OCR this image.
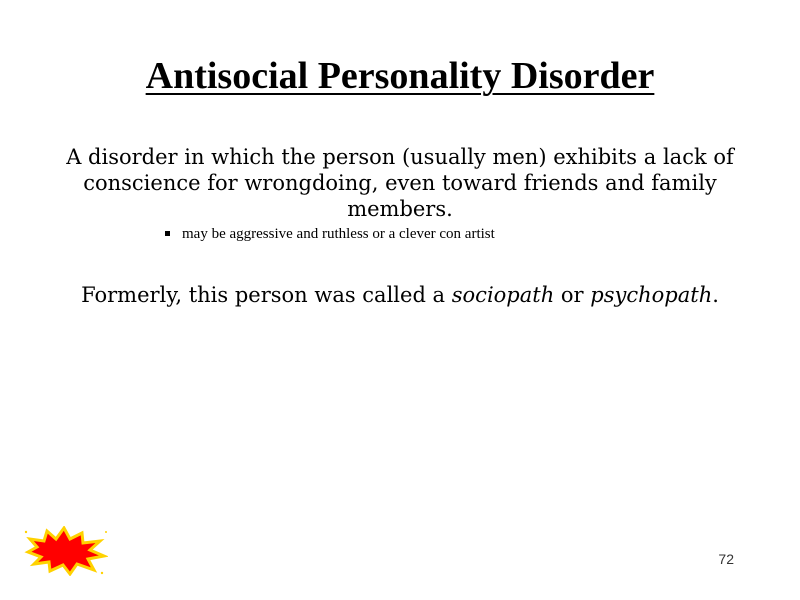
Antisocial Personality Disorder

A disorder in which the person (usually men) exhibits a lack of conscience for wrongdoing, even toward friends and family members.

may be aggressive and ruthless or a clever con artist

Formerly, this person was called a sociopath or psychopath.

72
